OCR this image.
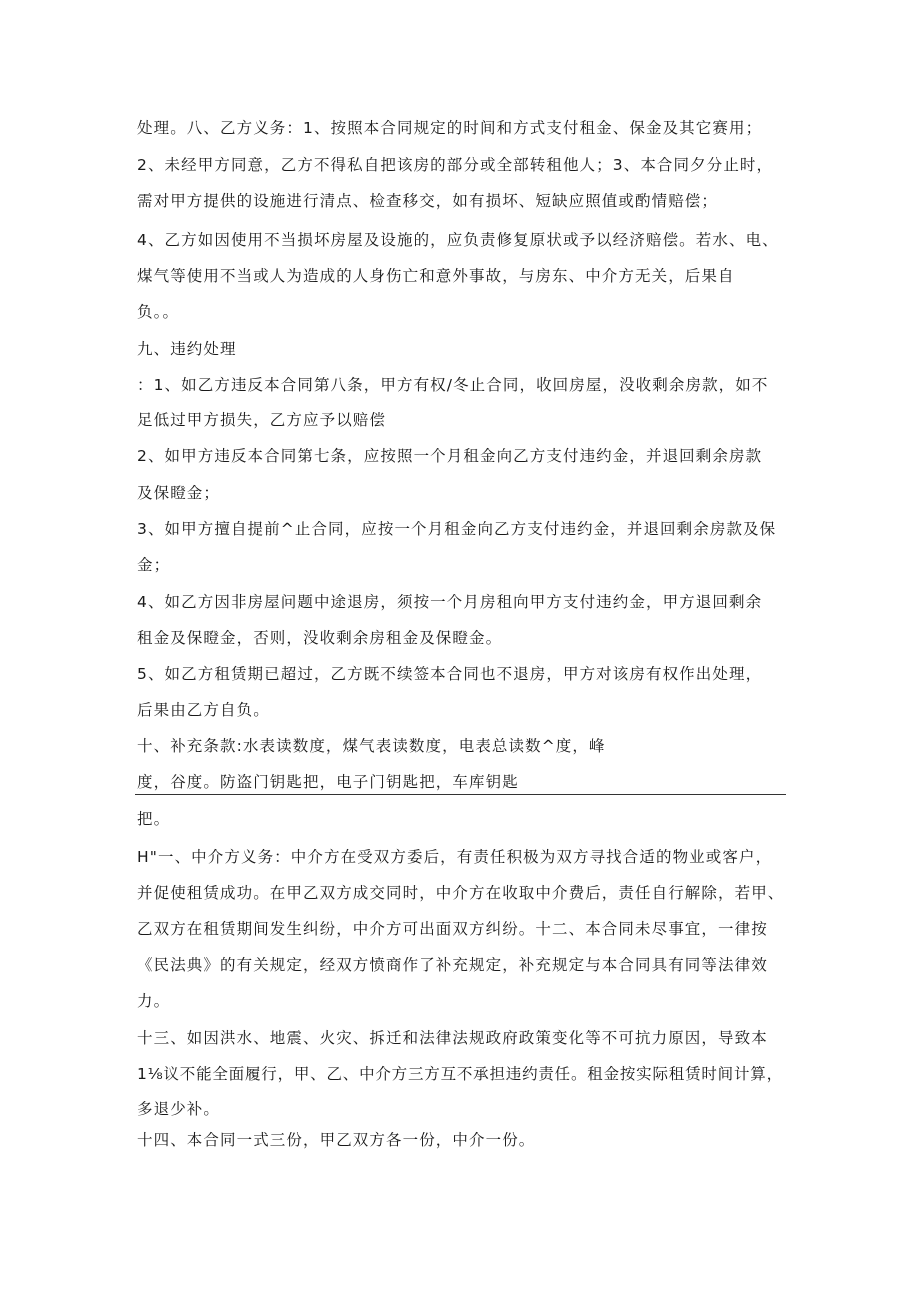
处理。八、乙方义务：1、按照本合同规定的时间和方式支付租金、保金及其它赛用；
2、未经甲方同意，乙方不得私自把该房的部分或全部转租他人；3、本合同夕分止时，
需对甲方提供的设施进行清点、检查移交，如有损坏、短缺应照值或酌情赔偿；
4、乙方如因使用不当损坏房屋及设施的，应负责修复原状或予以经济赔偿。若水、电、
煤气等使用不当或人为造成的人身伤亡和意外事故，与房东、中介方无关，后果自
负。。
九、违约处理
：1、如乙方违反本合同第八条，甲方有权/冬止合同，收回房屋，没收剩余房款，如不
足低过甲方损失，乙方应予以赔偿
2、如甲方违反本合同第七条，应按照一个月租金向乙方支付违约金，并退回剩余房款
及保瞪金；
3、如甲方擅自提前^止合同，应按一个月租金向乙方支付违约金，并退回剩余房款及保
金；
4、如乙方因非房屋问题中途退房，须按一个月房租向甲方支付违约金，甲方退回剩余
租金及保瞪金，否则，没收剩余房租金及保瞪金。
5、如乙方租赁期已超过，乙方既不续签本合同也不退房，甲方对该房有权作出处理，
后果由乙方自负。
十、补充条款:水表读数度，煤气表读数度，电表总读数^度，峰
度，谷度。防盗门钥匙把，电子门钥匙把，车库钥匙
把。
H"一、中介方义务：中介方在受双方委后，有责任积极为双方寻找合适的物业或客户，
并促使租赁成功。在甲乙双方成交同时，中介方在收取中介费后，责任自行解除，若甲、
乙双方在租赁期间发生纠纷，中介方可出面双方纠纷。十二、本合同未尽事宜，一律按
《民法典》的有关规定，经双方愤商作了补充规定，补充规定与本合同具有同等法律效
力。
十三、如因洪水、地震、火灾、拆迁和法律法规政府政策变化等不可抗力原因，导致本
1⅛议不能全面履行，甲、乙、中介方三方互不承担违约责任。租金按实际租赁时间计算，
多退少补。
十四、本合同一式三份，甲乙双方各一份，中介一份。
